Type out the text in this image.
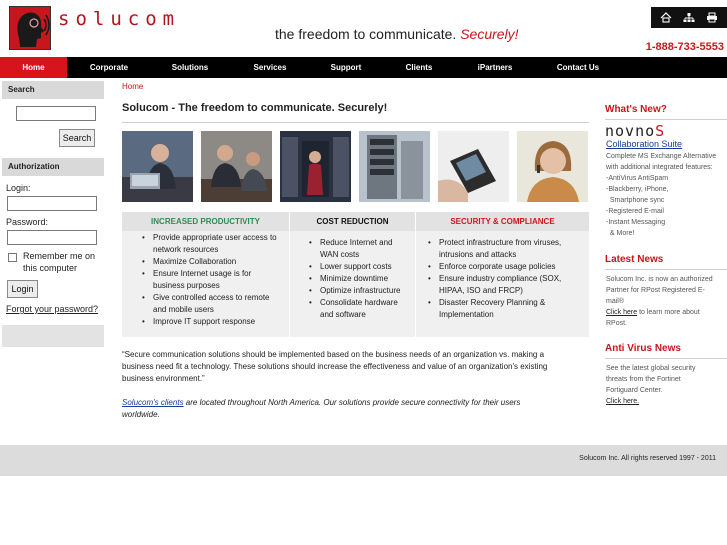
solucom
the freedom to communicate. Securely!
1-888-733-5553
Home	Corporate	Solutions	Services	Support	Clients	iPartners	Contact Us
Search
Search
Authorization
Login:
Password:
Remember me on
this computer
Login
Forgot your password?
Home
Solucom - The freedom to communicate. Securely!
INCREASED PRODUCTIVITY	COST REDUCTION	SECURITY & COMPLIANCE
• Provide appropriate user access to
network resources
• Maximize Collaboration
• Ensure Internet usage is for
business purposes
• Give controlled access to remote
and mobile users
• Improve IT support response
• Reduce Internet and
WAN costs
• Lower support costs
• Minimize downtime
• Optimize infrastructure
• Consolidate hardware
and software
• Protect infrastructure from viruses,
intrusions and attacks
• Enforce corporate usage policies
• Ensure industry compliance (SOX,
HIPAA, ISO and FRCP)
• Disaster Recovery Planning &
Implementation
“Secure communication solutions should be implemented based on the business needs of an organization vs. making a
business need fit a technology. These solutions should increase the effectiveness and value of an organization's existing
business environment.”
Solucom's clients are located throughout North America. Our solutions provide secure connectivity for their users
worldwide.
What's New?
novnoS
Collaboration Suite
Complete MS Exchange Alternative
with additional integrated features:
-AntiVirus AntiSpam
-Blackberry, iPhone,
Smartphone sync
-Registered E-mail
-Instant Messaging
& More!
Latest News
Solucom Inc. is now an authorized
Partner for RPost Registered E-
mail®
Click here to learn more about
RPost.
Anti Virus News
See the latest global security
threats from the Fortinet
Fortiguard Center.
Click here.
Solucom Inc. All rights reserved 1997 - 2011
